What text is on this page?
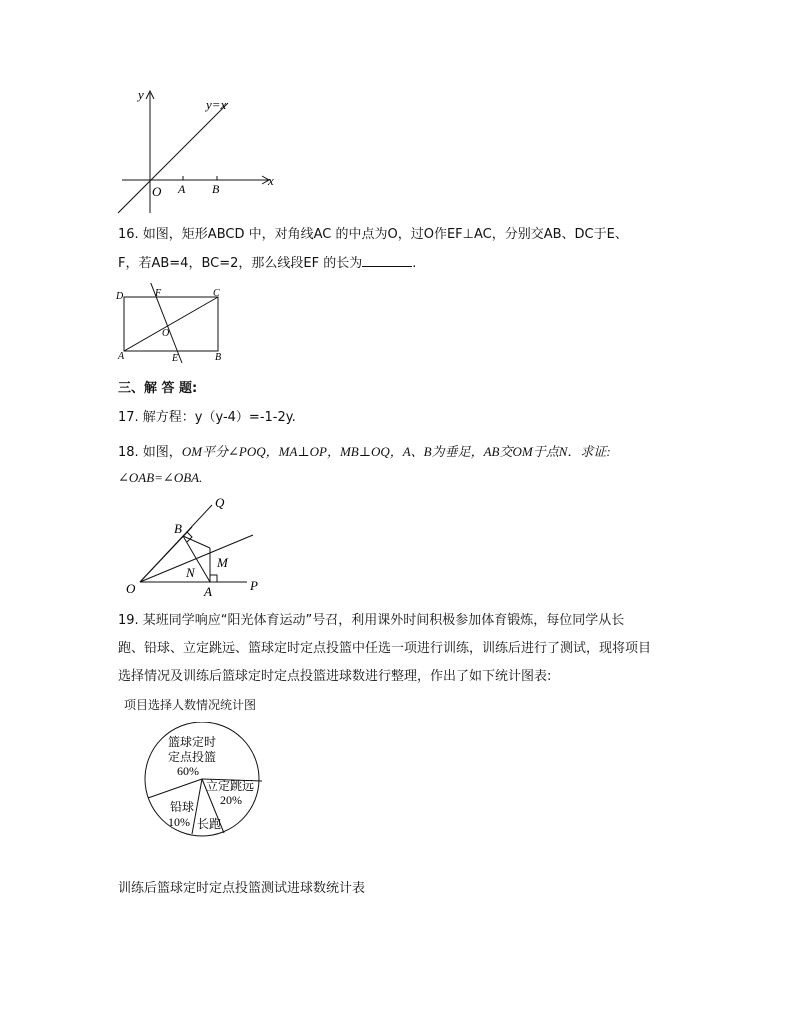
y
y=x
x
O A B
16. 如图，矩形ABCD 中，对角线AC 的中点为O，过O作EF⊥AC，分别交AB、DC于E、
F，若AB=4，BC=2，那么线段EF 的长为	.
D	F	C
O
A	E	B
三、解 答 题:
17. 解方程：y（y-4）=-1-2y.
18. 如图，OM平分∠POQ，MA⊥OP，MB⊥OQ，A、B为垂足，AB交OM于点N．求证:
∠OAB=∠OBA.
Q
B
M
N
O	A	P
19. 某班同学响应“阳光体育运动”号召，利用课外时间积极参加体育锻炼，每位同学从长
跑、铅球、立定跳远、篮球定时定点投篮中任选一项进行训练，训练后进行了测试，现将项目
选择情况及训练后篮球定时定点投篮进球数进行整理，作出了如下统计图表:
项目选择人数情况统计图
篮球定时
定点投篮
60%
立定跳远
20%
铅球
10% 长跑
训练后篮球定时定点投篮测试进球数统计表
